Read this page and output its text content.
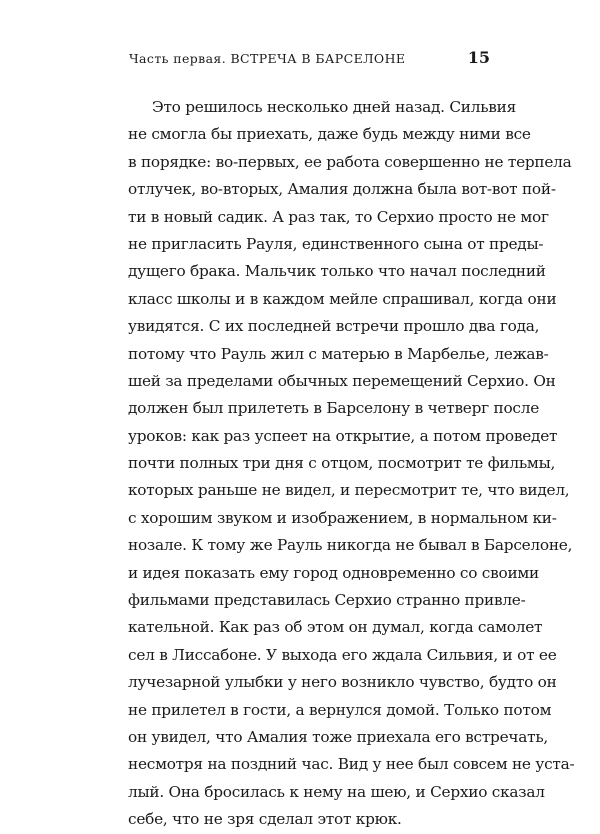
Часть первая. ВСТРЕЧА В БАРСЕЛОНЕ	15
Это решилось несколько дней назад. Сильвия
не смогла бы приехать, даже будь между ними все
в порядке: во-первых, ее работа совершенно не терпела
отлучек, во-вторых, Амалия должна была вот-вот пой-
ти в новый садик. А раз так, то Серхио просто не мог
не пригласить Рауля, единственного сына от преды-
дущего брака. Мальчик только что начал последний
класс школы и в каждом мейле спрашивал, когда они
увидятся. С их последней встречи прошло два года,
потому что Рауль жил с матерью в Марбелье, лежав-
шей за пределами обычных перемещений Серхио. Он
должен был прилететь в Барселону в четверг после
уроков: как раз успеет на открытие, а потом проведет
почти полных три дня с отцом, посмотрит те фильмы,
которых раньше не видел, и пересмотрит те, что видел,
с хорошим звуком и изображением, в нормальном ки-
нозале. К тому же Рауль никогда не бывал в Барселоне,
и идея показать ему город одновременно со своими
фильмами представилась Серхио странно привле-
кательной. Как раз об этом он думал, когда самолет
сел в Лиссабоне. У выхода его ждала Сильвия, и от ее
лучезарной улыбки у него возникло чувство, будто он
не прилетел в гости, а вернулся домой. Только потом
он увидел, что Амалия тоже приехала его встречать,
несмотря на поздний час. Вид у нее был совсем не уста-
лый. Она бросилась к нему на шею, и Серхио сказал
себе, что не зря сделал этот крюк.
